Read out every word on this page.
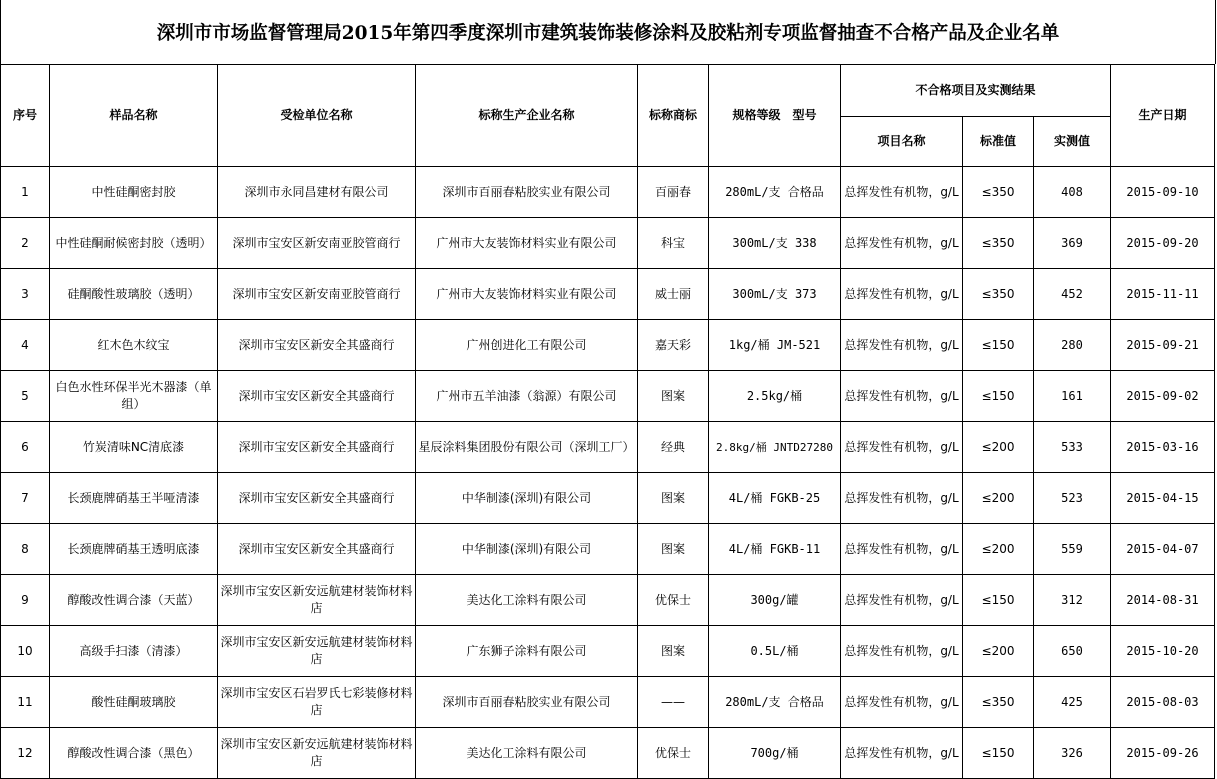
深圳市市场监督管理局2015年第四季度深圳市建筑装饰装修涂料及胶粘剂专项监督抽查不合格产品及企业名单
序号	样品名称	受检单位名称	标称生产企业名称	标称商标	规格等级　型号	不合格项目及实测结果			生产日期
						项目名称	标准值	实测值	
1	中性硅酮密封胶	深圳市永同昌建材有限公司	深圳市百丽春粘胶实业有限公司	百丽春	280mL/支 合格品	总挥发性有机物，g/L	≤350	408	2015-09-10
2	中性硅酮耐候密封胶（透明）	深圳市宝安区新安南亚胶管商行	广州市大友装饰材料实业有限公司	科宝	300mL/支 338	总挥发性有机物，g/L	≤350	369	2015-09-20
3	硅酮酸性玻璃胶（透明）	深圳市宝安区新安南亚胶管商行	广州市大友装饰材料实业有限公司	威士丽	300mL/支 373	总挥发性有机物，g/L	≤350	452	2015-11-11
4	红木色木纹宝	深圳市宝安区新安全其盛商行	广州创进化工有限公司	嘉天彩	1kg/桶 JM-521	总挥发性有机物，g/L	≤150	280	2015-09-21
5	白色水性环保半光木器漆（单组）	深圳市宝安区新安全其盛商行	广州市五羊油漆（翁源）有限公司	图案	2.5kg/桶	总挥发性有机物，g/L	≤150	161	2015-09-02
6	竹炭清味NC清底漆	深圳市宝安区新安全其盛商行	星辰涂料集团股份有限公司（深圳工厂）	经典	2.8kg/桶 JNTD27280	总挥发性有机物，g/L	≤200	533	2015-03-16
7	长颈鹿牌硝基王半哑清漆	深圳市宝安区新安全其盛商行	中华制漆(深圳)有限公司	图案	4L/桶 FGKB-25	总挥发性有机物，g/L	≤200	523	2015-04-15
8	长颈鹿牌硝基王透明底漆	深圳市宝安区新安全其盛商行	中华制漆(深圳)有限公司	图案	4L/桶 FGKB-11	总挥发性有机物，g/L	≤200	559	2015-04-07
9	醇酸改性调合漆（天蓝）	深圳市宝安区新安远航建材装饰材料店	美达化工涂料有限公司	优保士	300g/罐	总挥发性有机物，g/L	≤150	312	2014-08-31
10	高级手扫漆（清漆）	深圳市宝安区新安远航建材装饰材料店	广东狮子涂料有限公司	图案	0.5L/桶	总挥发性有机物，g/L	≤200	650	2015-10-20
11	酸性硅酮玻璃胶	深圳市宝安区石岩罗氏七彩装修材料店	深圳市百丽春粘胶实业有限公司	——	280mL/支 合格品	总挥发性有机物，g/L	≤350	425	2015-08-03
12	醇酸改性调合漆（黑色）	深圳市宝安区新安远航建材装饰材料店	美达化工涂料有限公司	优保士	700g/桶	总挥发性有机物，g/L	≤150	326	2015-09-26
